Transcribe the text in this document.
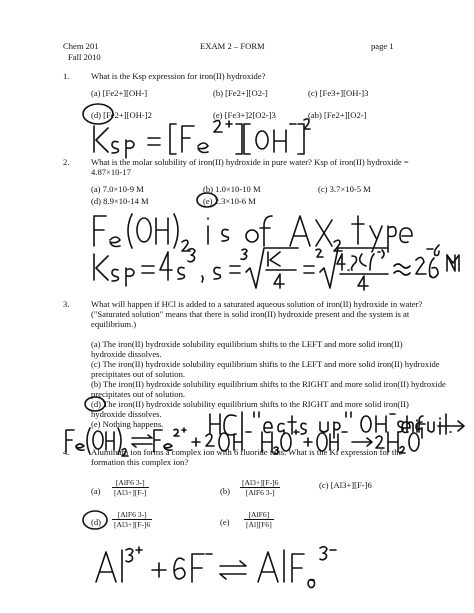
Chem 201
Fall 2010
EXAM 2 – FORM	page 1
1.	What is the Ksp expression for iron(II) hydroxide?
(a) [Fe2+][OH-]	(b) [Fe2+][O2-]	(c) [Fe3+][OH-]3
(d) [Fe2+][OH-]2	(e) [Fe3+]2[O2-]3	(ab) [Fe2+][O2-]
2.	What is the molar solubility of iron(II) hydroxide in pure water? Ksp of iron(II) hydroxide =
4.87×10-17
(a) 7.0×10-9 M	(b) 1.0×10-10 M	(c) 3.7×10-5 M
(d) 8.9×10-14 M	(e) 2.3×10-6 M
3.	What will happen if HCl is added to a saturated aqueous solution of iron(II) hydroxide in water?
("Saturated solution" means that there is solid iron(II) hydroxide present and the system is at
equilibrium.)
(a) The iron(II) hydroxide solubility equilibrium shifts to the LEFT and more solid iron(II)
hydroxide dissolves.
(c) The iron(II) hydroxide solubility equilibrium shifts to the LEFT and more solid iron(II) hydroxide
precipitates out of solution.
(b) The iron(II) hydroxide solubility equilibrium shifts to the RIGHT and more solid iron(II) hydroxide
precipitates out of solution.
(d) The iron(II) hydroxide solubility equilibrium shifts to the RIGHT and more solid iron(II)
hydroxide dissolves.
(e) Nothing happens.
4.	Aluminum ion forms a complex ion with 6 fluoride ions. What is the Kf expression for the
formation this complex ion?
(a)
[AlF6 3-]
[Al3+][F-]	(b)
[Al3+][F-]6
[AlF6 3-]
(c) [Al3+][F-]6
(d)
[AlF6 3-]
[Al3+][F-]6	(e)
[AlF6]
[Al][F6]
